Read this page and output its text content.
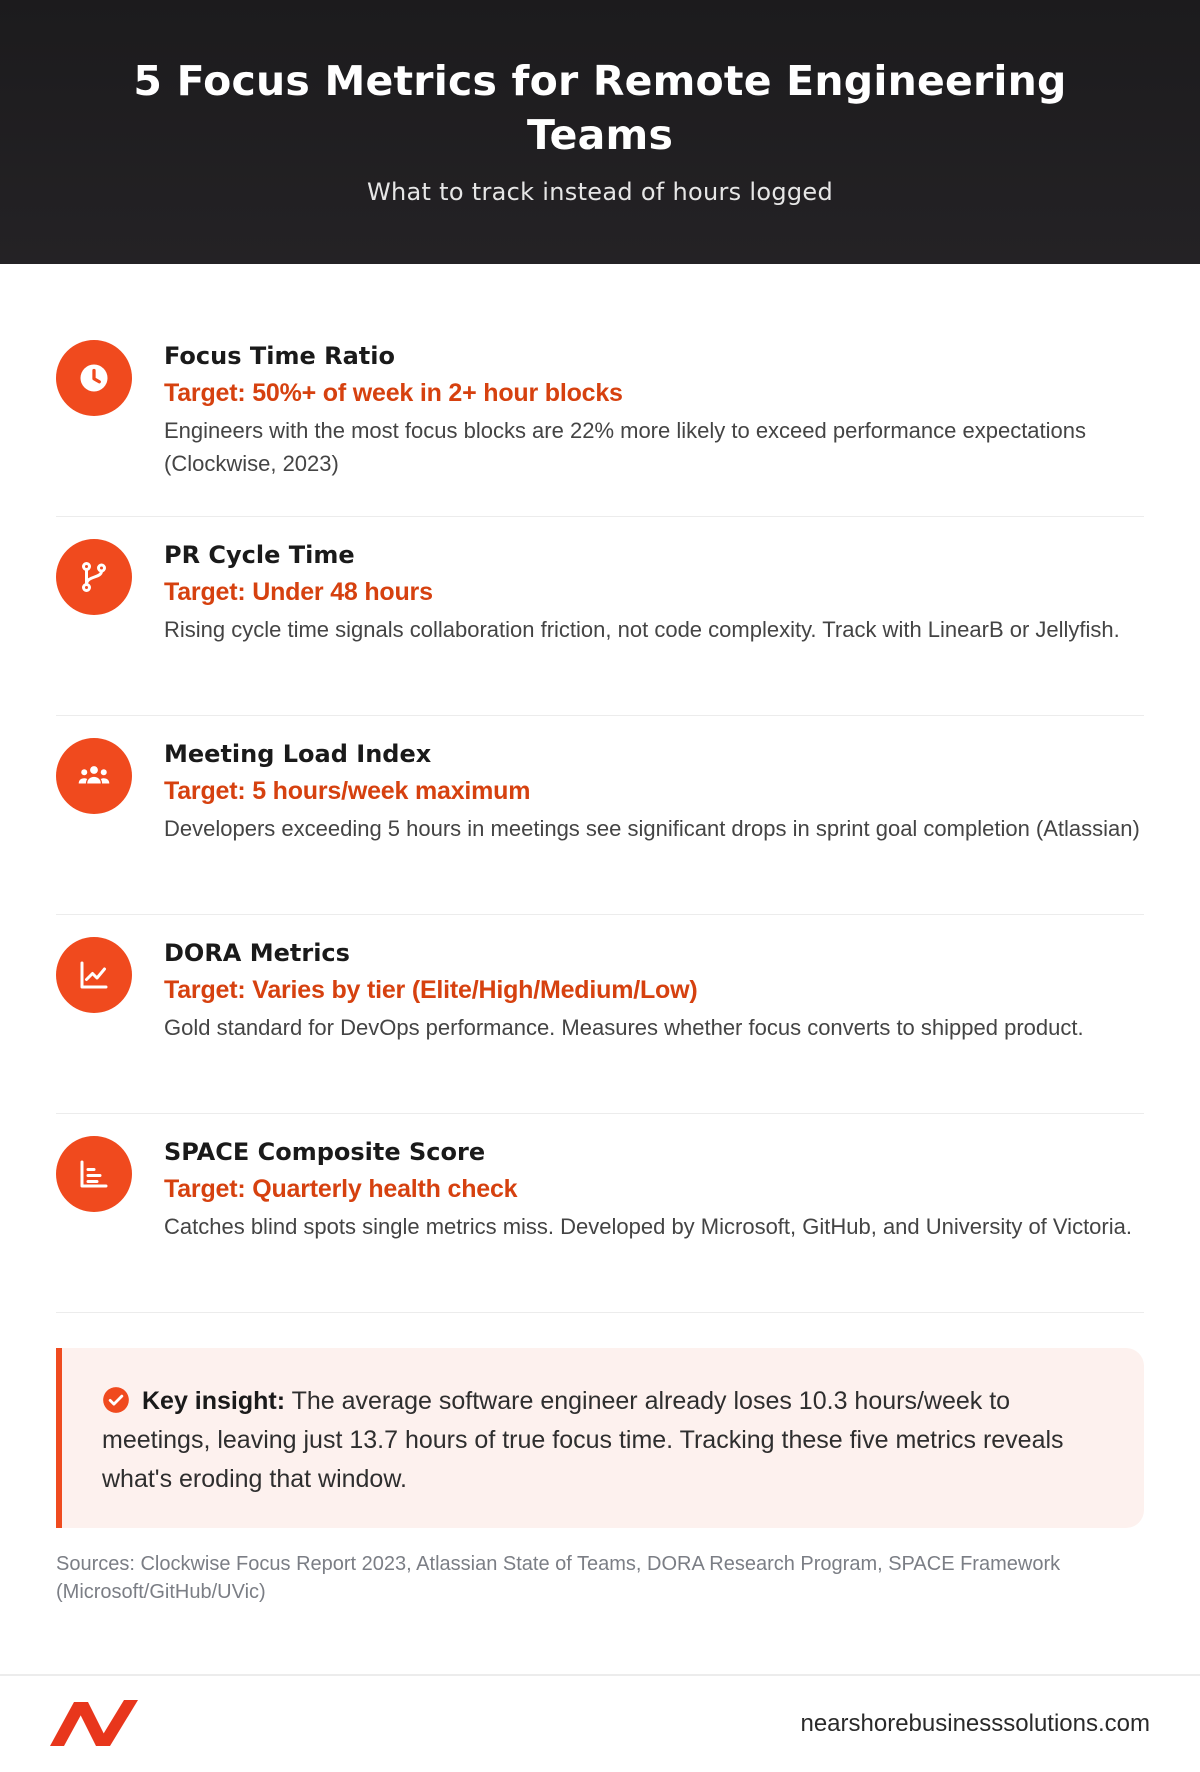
5 Focus Metrics for Remote Engineering Teams
What to track instead of hours logged
Focus Time Ratio
Target: 50%+ of week in 2+ hour blocks
Engineers with the most focus blocks are 22% more likely to exceed performance expectations (Clockwise, 2023)
PR Cycle Time
Target: Under 48 hours
Rising cycle time signals collaboration friction, not code complexity. Track with LinearB or Jellyfish.
Meeting Load Index
Target: 5 hours/week maximum
Developers exceeding 5 hours in meetings see significant drops in sprint goal completion (Atlassian)
DORA Metrics
Target: Varies by tier (Elite/High/Medium/Low)
Gold standard for DevOps performance. Measures whether focus converts to shipped product.
SPACE Composite Score
Target: Quarterly health check
Catches blind spots single metrics miss. Developed by Microsoft, GitHub, and University of Victoria.

Key insight: The average software engineer already loses 10.3 hours/week to meetings, leaving just 13.7 hours of true focus time. Tracking these five metrics reveals what's eroding that window.

Sources: Clockwise Focus Report 2023, Atlassian State of Teams, DORA Research Program, SPACE Framework (Microsoft/GitHub/UVic)
nearshorebusinesssolutions.com
